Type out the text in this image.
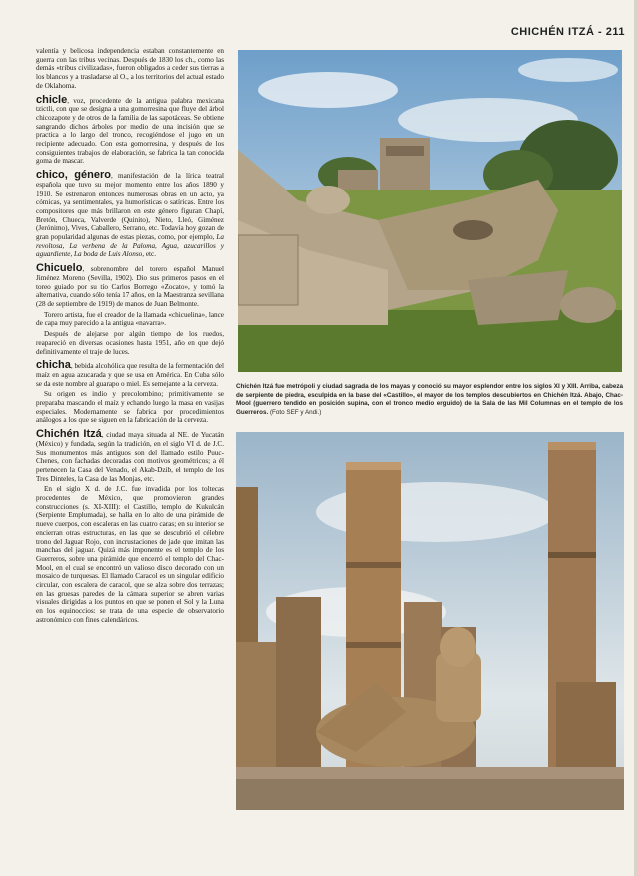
CHICHÉN ITZÁ - 211

valentía y belicosa independencia estaban constantemente en guerra con las tribus vecinas. Después de 1830 los ch., como las demás «tribus civilizadas», fueron obligados a ceder sus tierras a los blancos y a trasladarse al O., a los territorios del actual estado de Oklahoma.

chicle, voz, procedente de la antigua palabra mexicana tzictli, con que se designa a una gomorresina que fluye del árbol chicozapote y de otros de la familia de las sapotáceas. Se obtiene sangrando dichos árboles por medio de una incisión que se practica a lo largo del tronco, recogiéndose el jugo en un recipiente adecuado. Con esta gomorresina, y después de los consiguientes trabajos de elaboración, se fabrica la tan conocida goma de mascar.

chico, género, manifestación de la lírica teatral española que tuvo su mejor momento entre los años 1890 y 1910. Se estrenaron entonces numerosas obras en un acto, ya cómicas, ya sentimentales, ya humorísticas o satíricas. Entre los compositores que más brillaron en este género figuran Chapí, Bretón, Chueca, Valverde (Quinito), Nieto, Lleó, Giménez (Jerónimo), Vives, Caballero, Serrano, etc. Todavía hoy gozan de gran popularidad algunas de estas piezas, como, por ejemplo, La revoltosa, La verbena de la Paloma, Agua, azucarillos y aguardiente, La boda de Luis Alonso, etc.

Chicuelo, sobrenombre del torero español Manuel Jiménez Moreno (Sevilla, 1902). Dio sus primeros pasos en el toreo guiado por su tío Carlos Borrego «Zocato», y tomó la alternativa, cuando sólo tenía 17 años, en la Maestranza sevillana (28 de septiembre de 1919) de manos de Juan Belmonte.

Torero artista, fue el creador de la llamada «chicuelina», lance de capa muy parecido a la antigua «navarra».

Después de alejarse por algún tiempo de los ruedos, reapareció en diversas ocasiones hasta 1951, año en que dejó definitivamente el traje de luces.

chicha, bebida alcohólica que resulta de la fermentación del maíz en agua azucarada y que se usa en América. En Cuba sólo se da este nombre al guarapo o miel. Es semejante a la cerveza.

Su origen es indio y precolombino; primitivamente se preparaba mascando el maíz y echando luego la masa en vasijas especiales. Modernamente se fabrica por procedimientos análogos a los que se siguen en la fabricación de la cerveza.

Chichén Itzá, ciudad maya situada al NE. de Yucatán (México) y fundada, según la tradición, en el siglo VI d. de J.C. Sus monumentos más antiguos son del llamado estilo Puuc-Chenes, con fachadas decoradas con motivos geométricos; a él pertenecen la Casa del Venado, el Akab-Dzib, el templo de los Tres Dinteles, la Casa de las Monjas, etc.

En el siglo X d. de J.C. fue invadida por los toltecas procedentes de México, que promovieron grandes construcciones (s. XI-XIII): el Castillo, templo de Kukulcán (Serpiente Emplumada), se halla en lo alto de una pirámide de nueve cuerpos, con escaleras en las cuatro caras; en su interior se encierran otras estructuras, en las que se descubrió el célebre trono del Jaguar Rojo, con incrustaciones de jade que imitan las manchas del jaguar. Quizá más imponente es el templo de los Guerreros, sobre una pirámide que encerró el templo del Chac-Mool, en el cual se encontró un valioso disco decorado con un mosaico de turquesas. El llamado Caracol es un singular edificio circular, con escalera de caracol, que se alza sobre dos terrazas; en las gruesas paredes de la cámara superior se abren varias visuales dirigidas a los puntos en que se ponen el Sol y la Luna en los equinoccios: se trata de una especie de observatorio astronómico con fines calendáricos.

Chichén Itzá fue metrópoli y ciudad sagrada de los mayas y conoció su mayor esplendor entre los siglos XI y XIII. Arriba, cabeza de serpiente de piedra, esculpida en la base del «Castillo», el mayor de los templos descubiertos en Chichén Itzá. Abajo, Chac-Mool (guerrero tendido en posición supina, con el tronco medio erguido) de la Sala de las Mil Columnas en el templo de los Guerreros. (Foto SEF y Andi.)
